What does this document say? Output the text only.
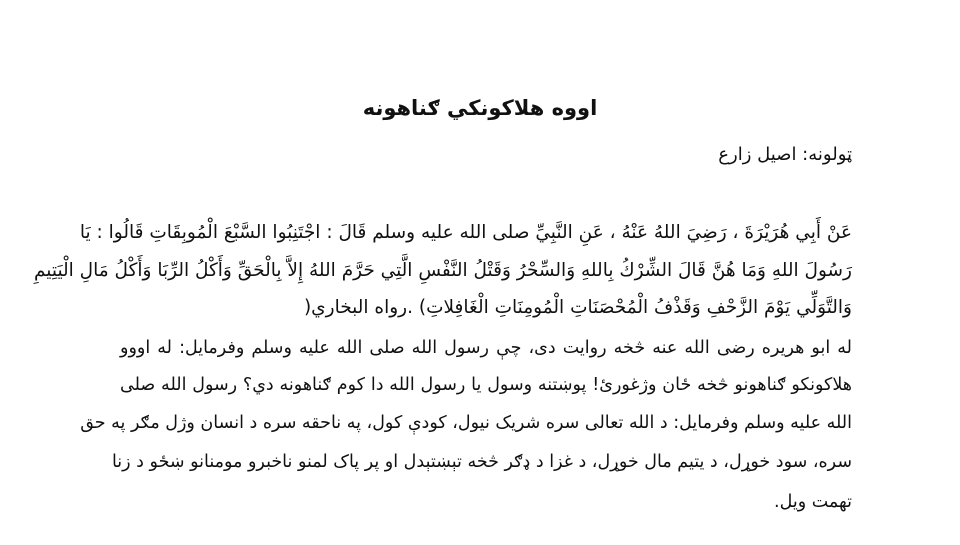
اووه هلاکونکي ګناهونه

ټولونه: اصيل زارع

عَنْ أَبِي هُرَيْرَةَ ، رَضِيَ اللهُ عَنْهُ ، عَنِ النَّبِيِّ صلى الله عليه وسلم قَالَ : اجْتَنِبُوا السَّبْعَ الْمُوبِقَاتِ قَالُوا : يَا

رَسُولَ اللهِ وَمَا هُنَّ قَالَ الشِّرْكُ بِاللهِ وَالسِّحْرُ وَقَتْلُ النَّفْسِ الَّتِي حَرَّمَ اللهُ إِلاَّ بِالْحَقِّ وَأَكْلُ الرِّبَا وَأَكْلُ مَالِ الْيَتِيمِ

وَالتَّوَلِّي يَوْمَ الزَّحْفِ وَقَذْفُ الْمُحْصَنَاتِ الْمُومِنَاتِ الْغَافِلاتِ) .رواه البخاري(

له ابو هريره رضی الله عنه څخه روايت دی، چې رسول الله صلی الله عليه وسلم وفرمايل: له اووو

هلاکونکو ګناهونو څخه ځان وژغورئ! پوښتنه وسول يا رسول الله دا کوم ګناهونه دي؟ رسول الله صلی

الله عليه وسلم وفرمايل: د الله تعالی سره شريک نيول، کودې کول، په ناحقه سره د انسان وژل مګر په حق

سره، سود خوړل، د يتيم مال خوړل، د غزا د ډګر څخه تېښتېدل او پر پاک لمنو ناخبرو مومنانو ښځو د زنا

تهمت ويل.
